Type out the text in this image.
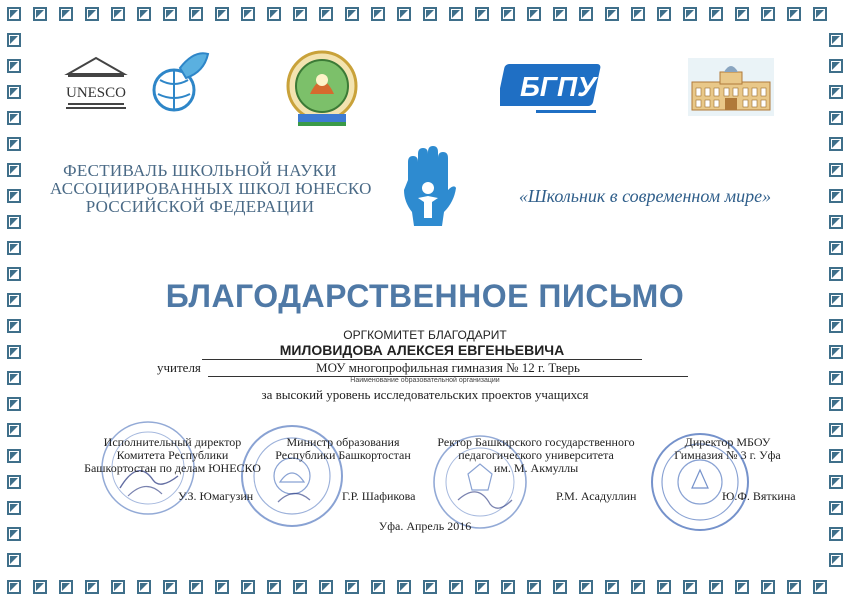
UNESCO	БГПУ
ФЕСТИВАЛЬ ШКОЛЬНОЙ НАУКИ
АССОЦИИРОВАННЫХ ШКОЛ ЮНЕСКО
РОССИЙСКОЙ ФЕДЕРАЦИИ
«Школьник в современном мире»
БЛАГОДАРСТВЕННОЕ ПИСЬМО
ОРГКОМИТЕТ БЛАГОДАРИТ
МИЛОВИДОВА АЛЕКСЕЯ ЕВГЕНЬЕВИЧА
учителя	МОУ многопрофильная гимназия № 12 г. Тверь
Наименование образовательной организации
за высокий уровень исследовательских проектов учащихся
Исполнительный директор
Комитета Республики
Башкортостан по делам ЮНЕСКО
У.З. Юмагузин
Министр образования
Республики Башкортостан
Г.Р. Шафикова
Ректор Башкирского государственного
педагогического университета
им. М. Акмуллы
Р.М. Асадуллин
Директор МБОУ
Гимназия № 3 г. Уфа
Ю.Ф. Вяткина
Уфа. Апрель 2016
